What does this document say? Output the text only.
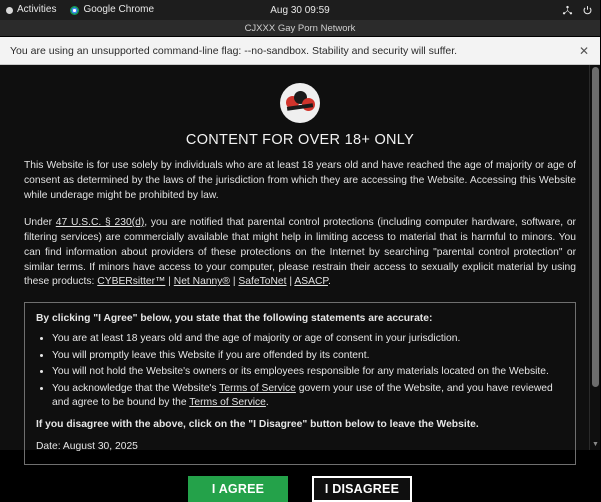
Activities	Google Chrome	Aug 30 09:59
CJXXX Gay Porn Network
You are using an unsupported command-line flag: --no-sandbox. Stability and security will suffer.	✕
CONTENT FOR OVER 18+ ONLY

This Website is for use solely by individuals who are at least 18 years old and have reached the age of majority or age of consent as determined by the laws of the jurisdiction from which they are accessing the Website. Accessing this Website while underage might be prohibited by law.

Under 47 U.S.C. § 230(d), you are notified that parental control protections (including computer hardware, software, or filtering services) are commercially available that might help in limiting access to material that is harmful to minors. You can find information about providers of these protections on the Internet by searching "parental control protection" or similar terms. If minors have access to your computer, please restrain their access to sexually explicit material by using these products: CYBERsitter™ | Net Nanny® | SafeToNet | ASACP.

By clicking "I Agree" below, you state that the following statements are accurate:
• You are at least 18 years old and the age of majority or age of consent in your jurisdiction.
• You will promptly leave this Website if you are offended by its content.
• You will not hold the Website's owners or its employees responsible for any materials located on the Website.
• You acknowledge that the Website's Terms of Service govern your use of the Website, and you have reviewed and agree to be bound by the Terms of Service.
If you disagree with the above, click on the "I Disagree" button below to leave the Website.
Date: August 30, 2025
I AGREE	I DISAGREE
▼
